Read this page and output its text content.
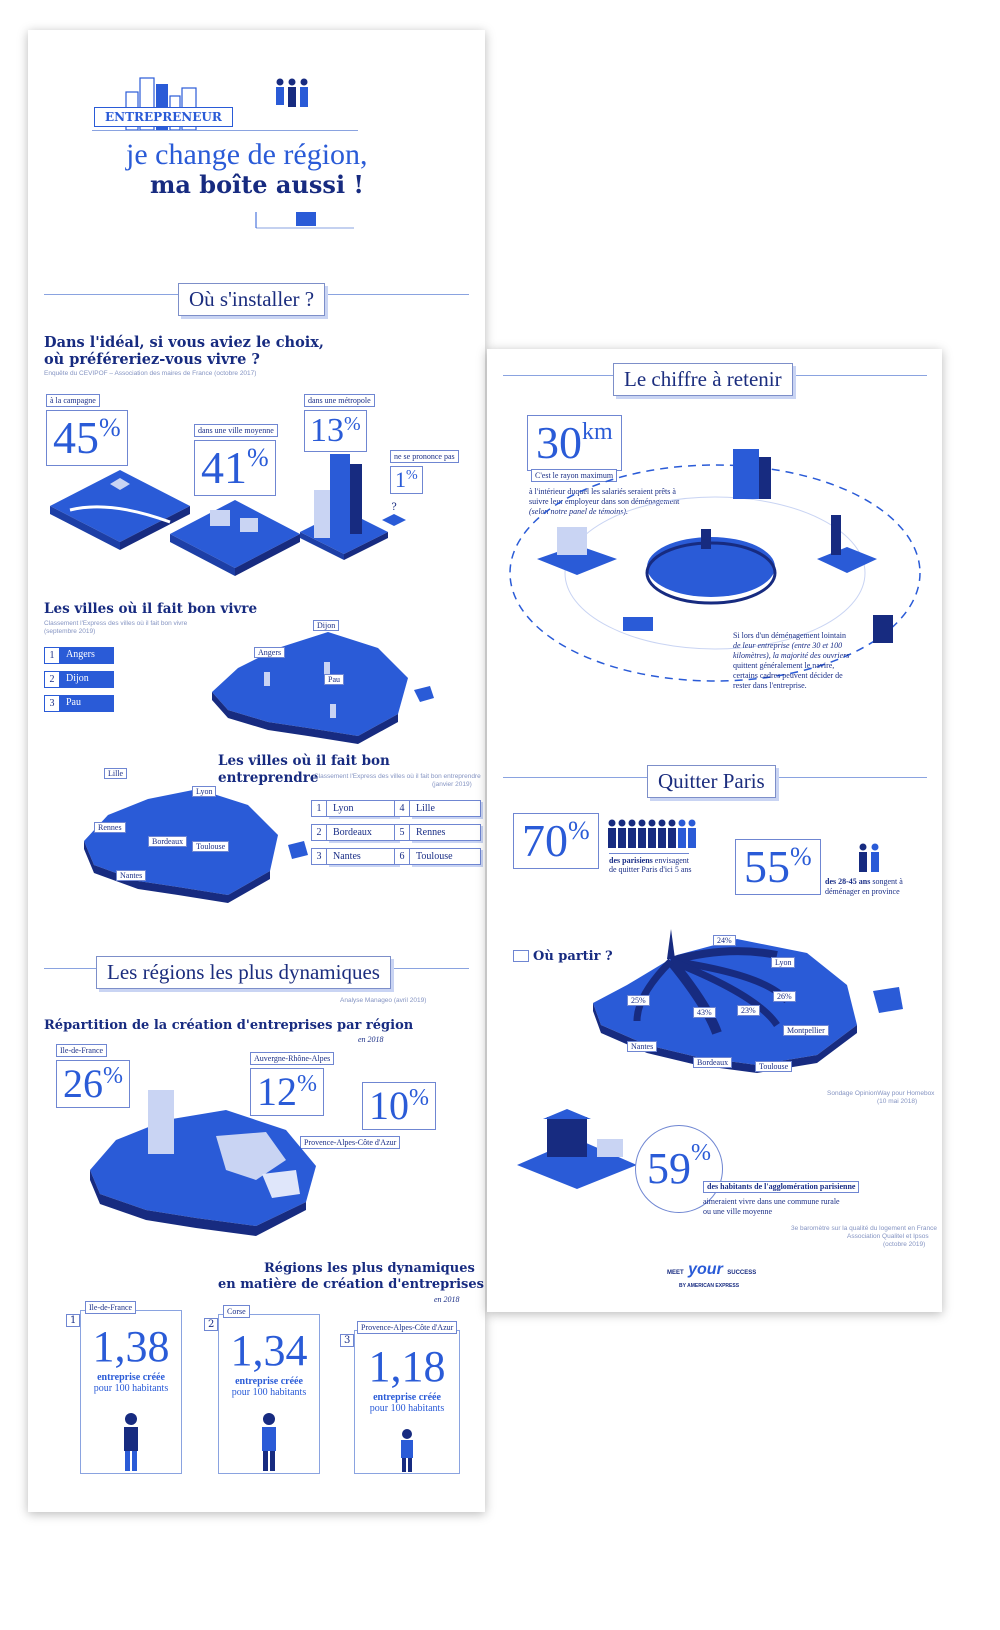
ENTREPRENEUR
je change de région,
ma boîte aussi !
Où s'installer ?
Dans l'idéal, si vous aviez le choix,
où préféreriez-vous vivre ?
Enquête du CEVIPOF – Association des maires de France (octobre 2017)
à la campagne
45%	dans une ville moyenne
41%
dans une métropole
13%
ne se prononce pas
1%
?
Les villes où il fait bon vivre
Classement l'Express des villes où il fait bon vivre
(septembre 2019)
1	Angers
2	Dijon
3	Pau
Angers
Dijon
Pau
Les villes où il fait bon entreprendre
Classement l'Express des villes où il fait bon entreprendre
(janvier 2019)
Lille
Lyon
Rennes
Bordeaux
Toulouse
Nantes
1	Lyon
2	Bordeaux
3	Nantes
4	Lille
5	Rennes
6	Toulouse
Les régions les plus dynamiques
Analyse Manageo (avril 2019)
Répartition de la création d'entreprises par région
en 2018
Ile-de-France
26%
Auvergne-Rhône-Alpes
12% 10%
Provence-Alpes-Côte d'Azur
Régions les plus dynamiques
en matière de création d'entreprises
en 2018
Ile-de-France
1,38
entreprise créée
pour 100 habitants
1
Corse
1,34
entreprise créée
pour 100 habitants
2	Provence-Alpes-Côte d'Azur
1,18
entreprise créée
pour 100 habitants
3
Le chiffre à retenir
30km
C'est le rayon maximum
à l'intérieur duquel les salariés seraient prêts à
suivre leur employeur dans son déménagement
(selon notre panel de témoins).
Si lors d'un déménagement lointain
de leur entreprise (entre 30 et 100
kilomètres), la majorité des ouvriers
quittent généralement le navire,
certains cadres peuvent décider de
rester dans l'entreprise.
Quitter Paris
70%
des parisiens envisagent
de quitter Paris d'ici 5 ans 55%
des 28-45 ans songent à
déménager en province
Où partir ?
24%
Lyon
26%
Montpellier
23%
Toulouse
43%
Bordeaux
25%
Nantes
Sondage OpinionWay pour Homebox
(10 mai 2018)
59%
des habitants de l'agglomération parisienne
aimeraient vivre dans une commune rurale
ou une ville moyenne
3e baromètre sur la qualité du logement en France
Association Qualitel et Ipsos
(octobre 2019)
MEET your SUCCESS
BY AMERICAN EXPRESS
